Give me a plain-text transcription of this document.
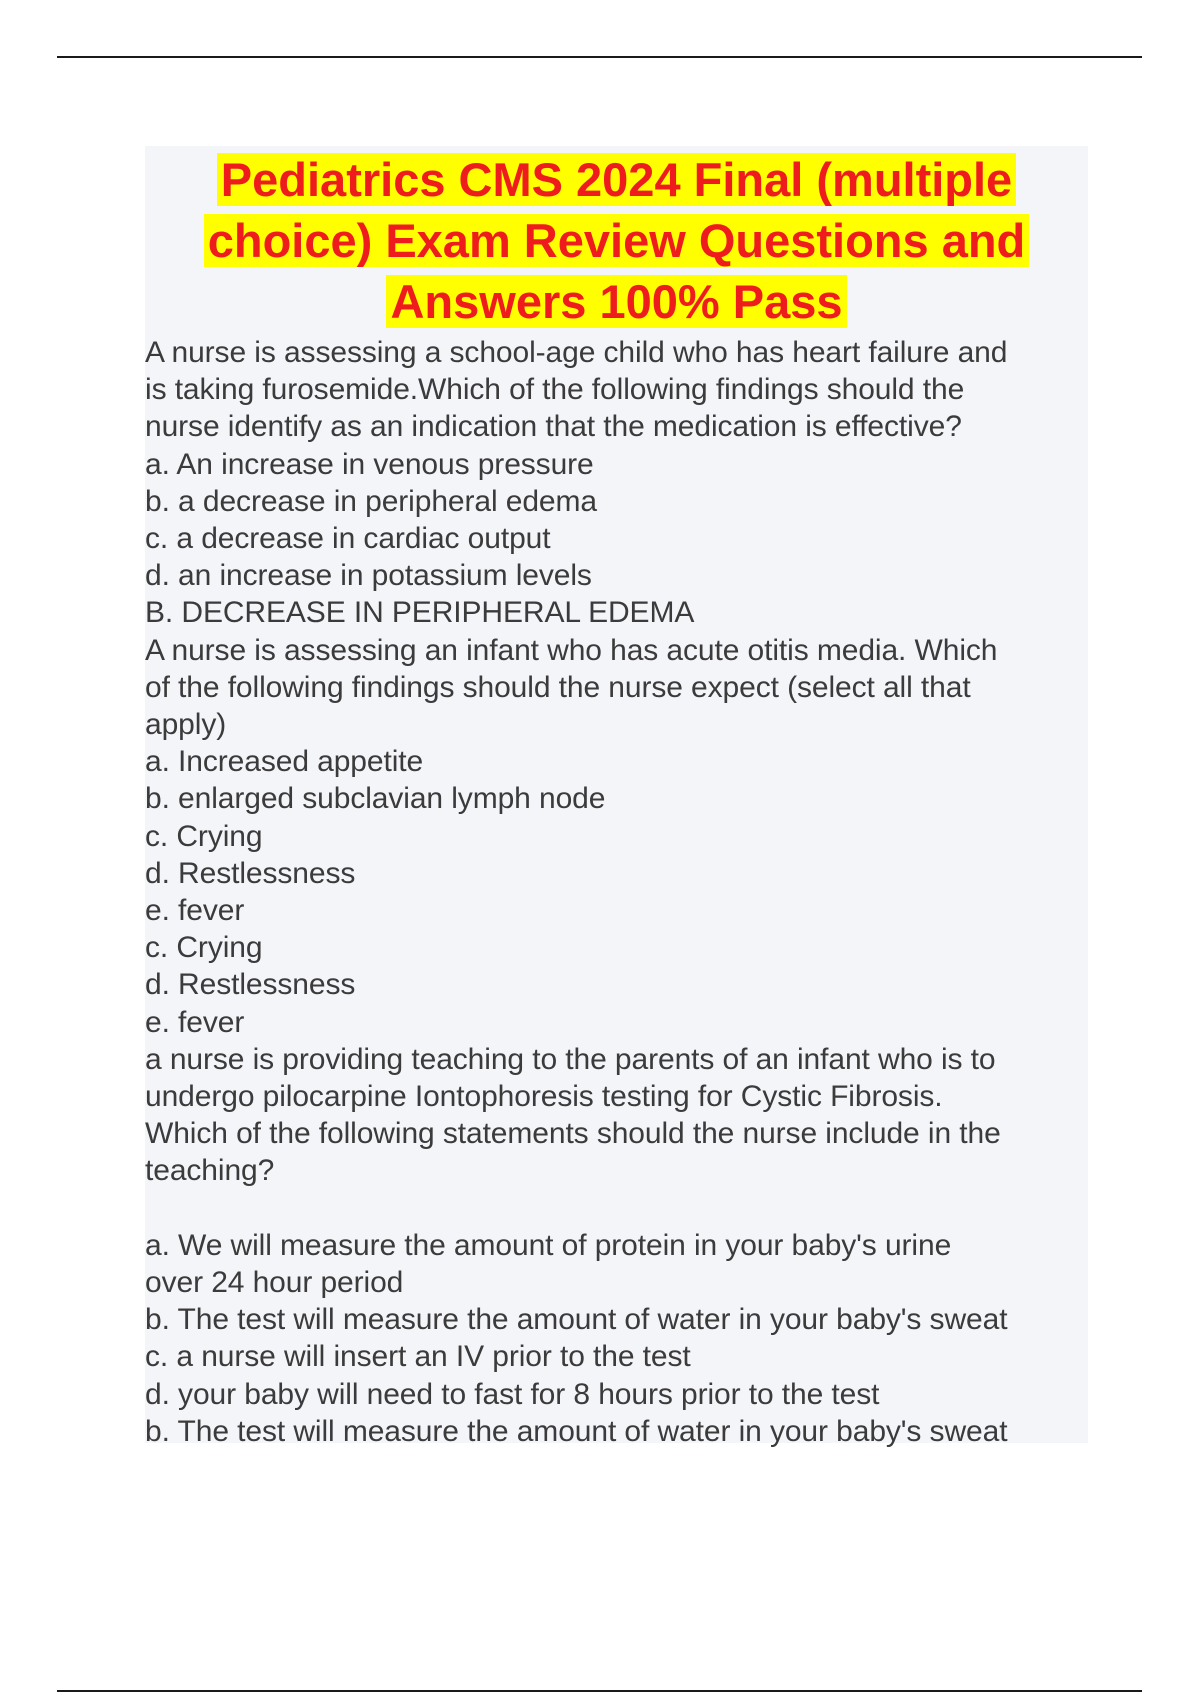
Pediatrics CMS 2024 Final (multiple
choice) Exam Review Questions and
Answers 100% Pass
A nurse is assessing a school-age child who has heart failure and
is taking furosemide.Which of the following findings should the
nurse identify as an indication that the medication is effective?
a. An increase in venous pressure
b. a decrease in peripheral edema
c. a decrease in cardiac output
d. an increase in potassium levels
B. DECREASE IN PERIPHERAL EDEMA
A nurse is assessing an infant who has acute otitis media. Which
of the following findings should the nurse expect (select all that
apply)
a. Increased appetite
b. enlarged subclavian lymph node
c. Crying
d. Restlessness
e. fever
c. Crying
d. Restlessness
e. fever
a nurse is providing teaching to the parents of an infant who is to
undergo pilocarpine Iontophoresis testing for Cystic Fibrosis.
Which of the following statements should the nurse include in the
teaching?
a. We will measure the amount of protein in your baby's urine
over 24 hour period
b. The test will measure the amount of water in your baby's sweat
c. a nurse will insert an IV prior to the test
d. your baby will need to fast for 8 hours prior to the test
b. The test will measure the amount of water in your baby's sweat
